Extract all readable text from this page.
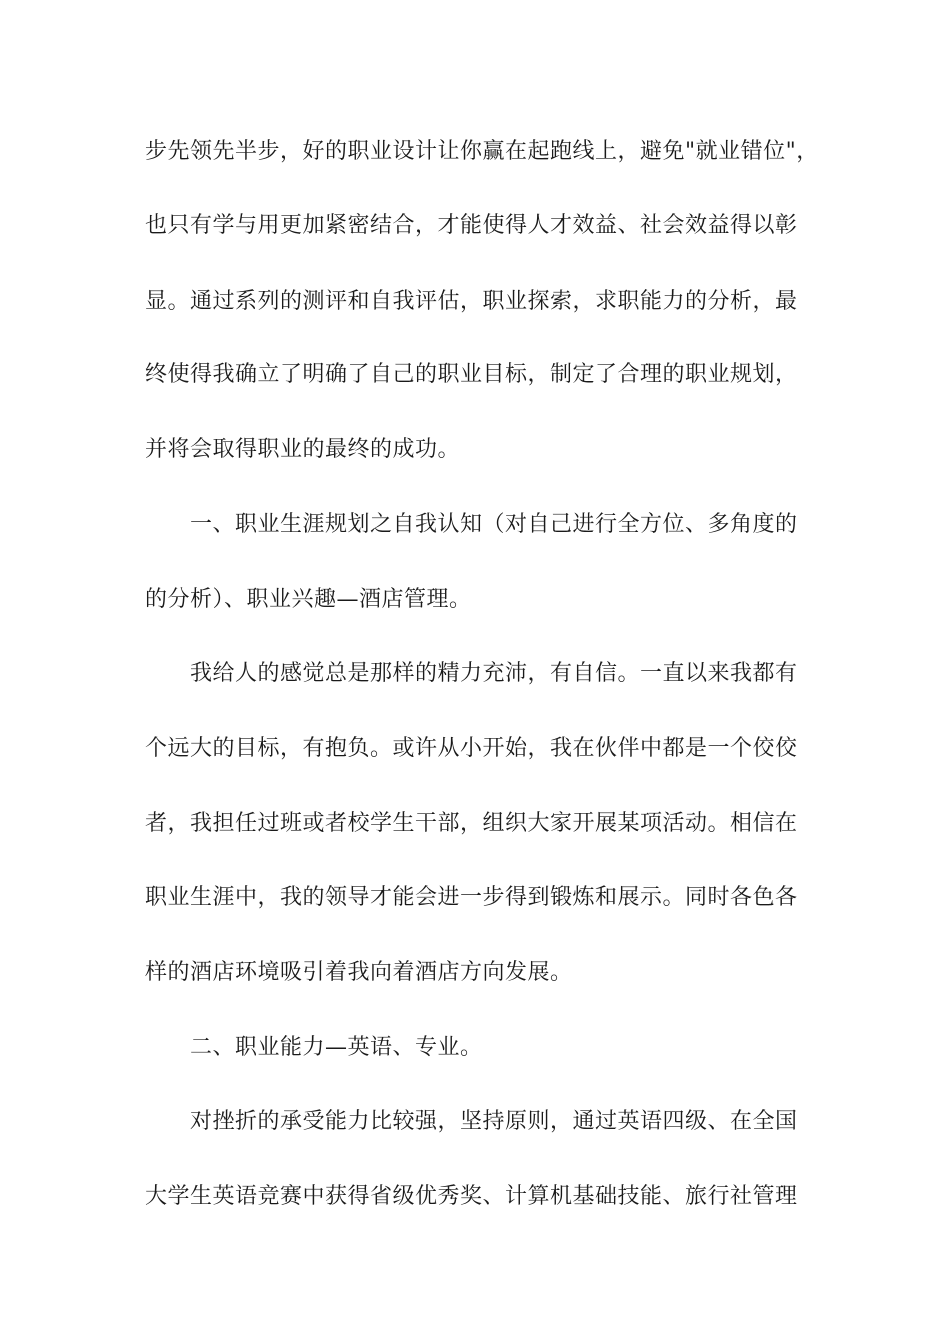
步先领先半步，好的职业设计让你赢在起跑线上，避免"就业错位"，
也只有学与用更加紧密结合，才能使得人才效益、社会效益得以彰
显。通过系列的测评和自我评估，职业探索，求职能力的分析，最
终使得我确立了明确了自己的职业目标，制定了合理的职业规划，
并将会取得职业的最终的成功。
一、职业生涯规划之自我认知（对自己进行全方位、多角度的
的分析）、职业兴趣—酒店管理。
我给人的感觉总是那样的精力充沛，有自信。一直以来我都有
个远大的目标，有抱负。或许从小开始，我在伙伴中都是一个佼佼
者，我担任过班或者校学生干部，组织大家开展某项活动。相信在
职业生涯中，我的领导才能会进一步得到锻炼和展示。同时各色各
样的酒店环境吸引着我向着酒店方向发展。
二、职业能力—英语、专业。
对挫折的承受能力比较强，坚持原则，通过英语四级、在全国
大学生英语竞赛中获得省级优秀奖、计算机基础技能、旅行社管理
